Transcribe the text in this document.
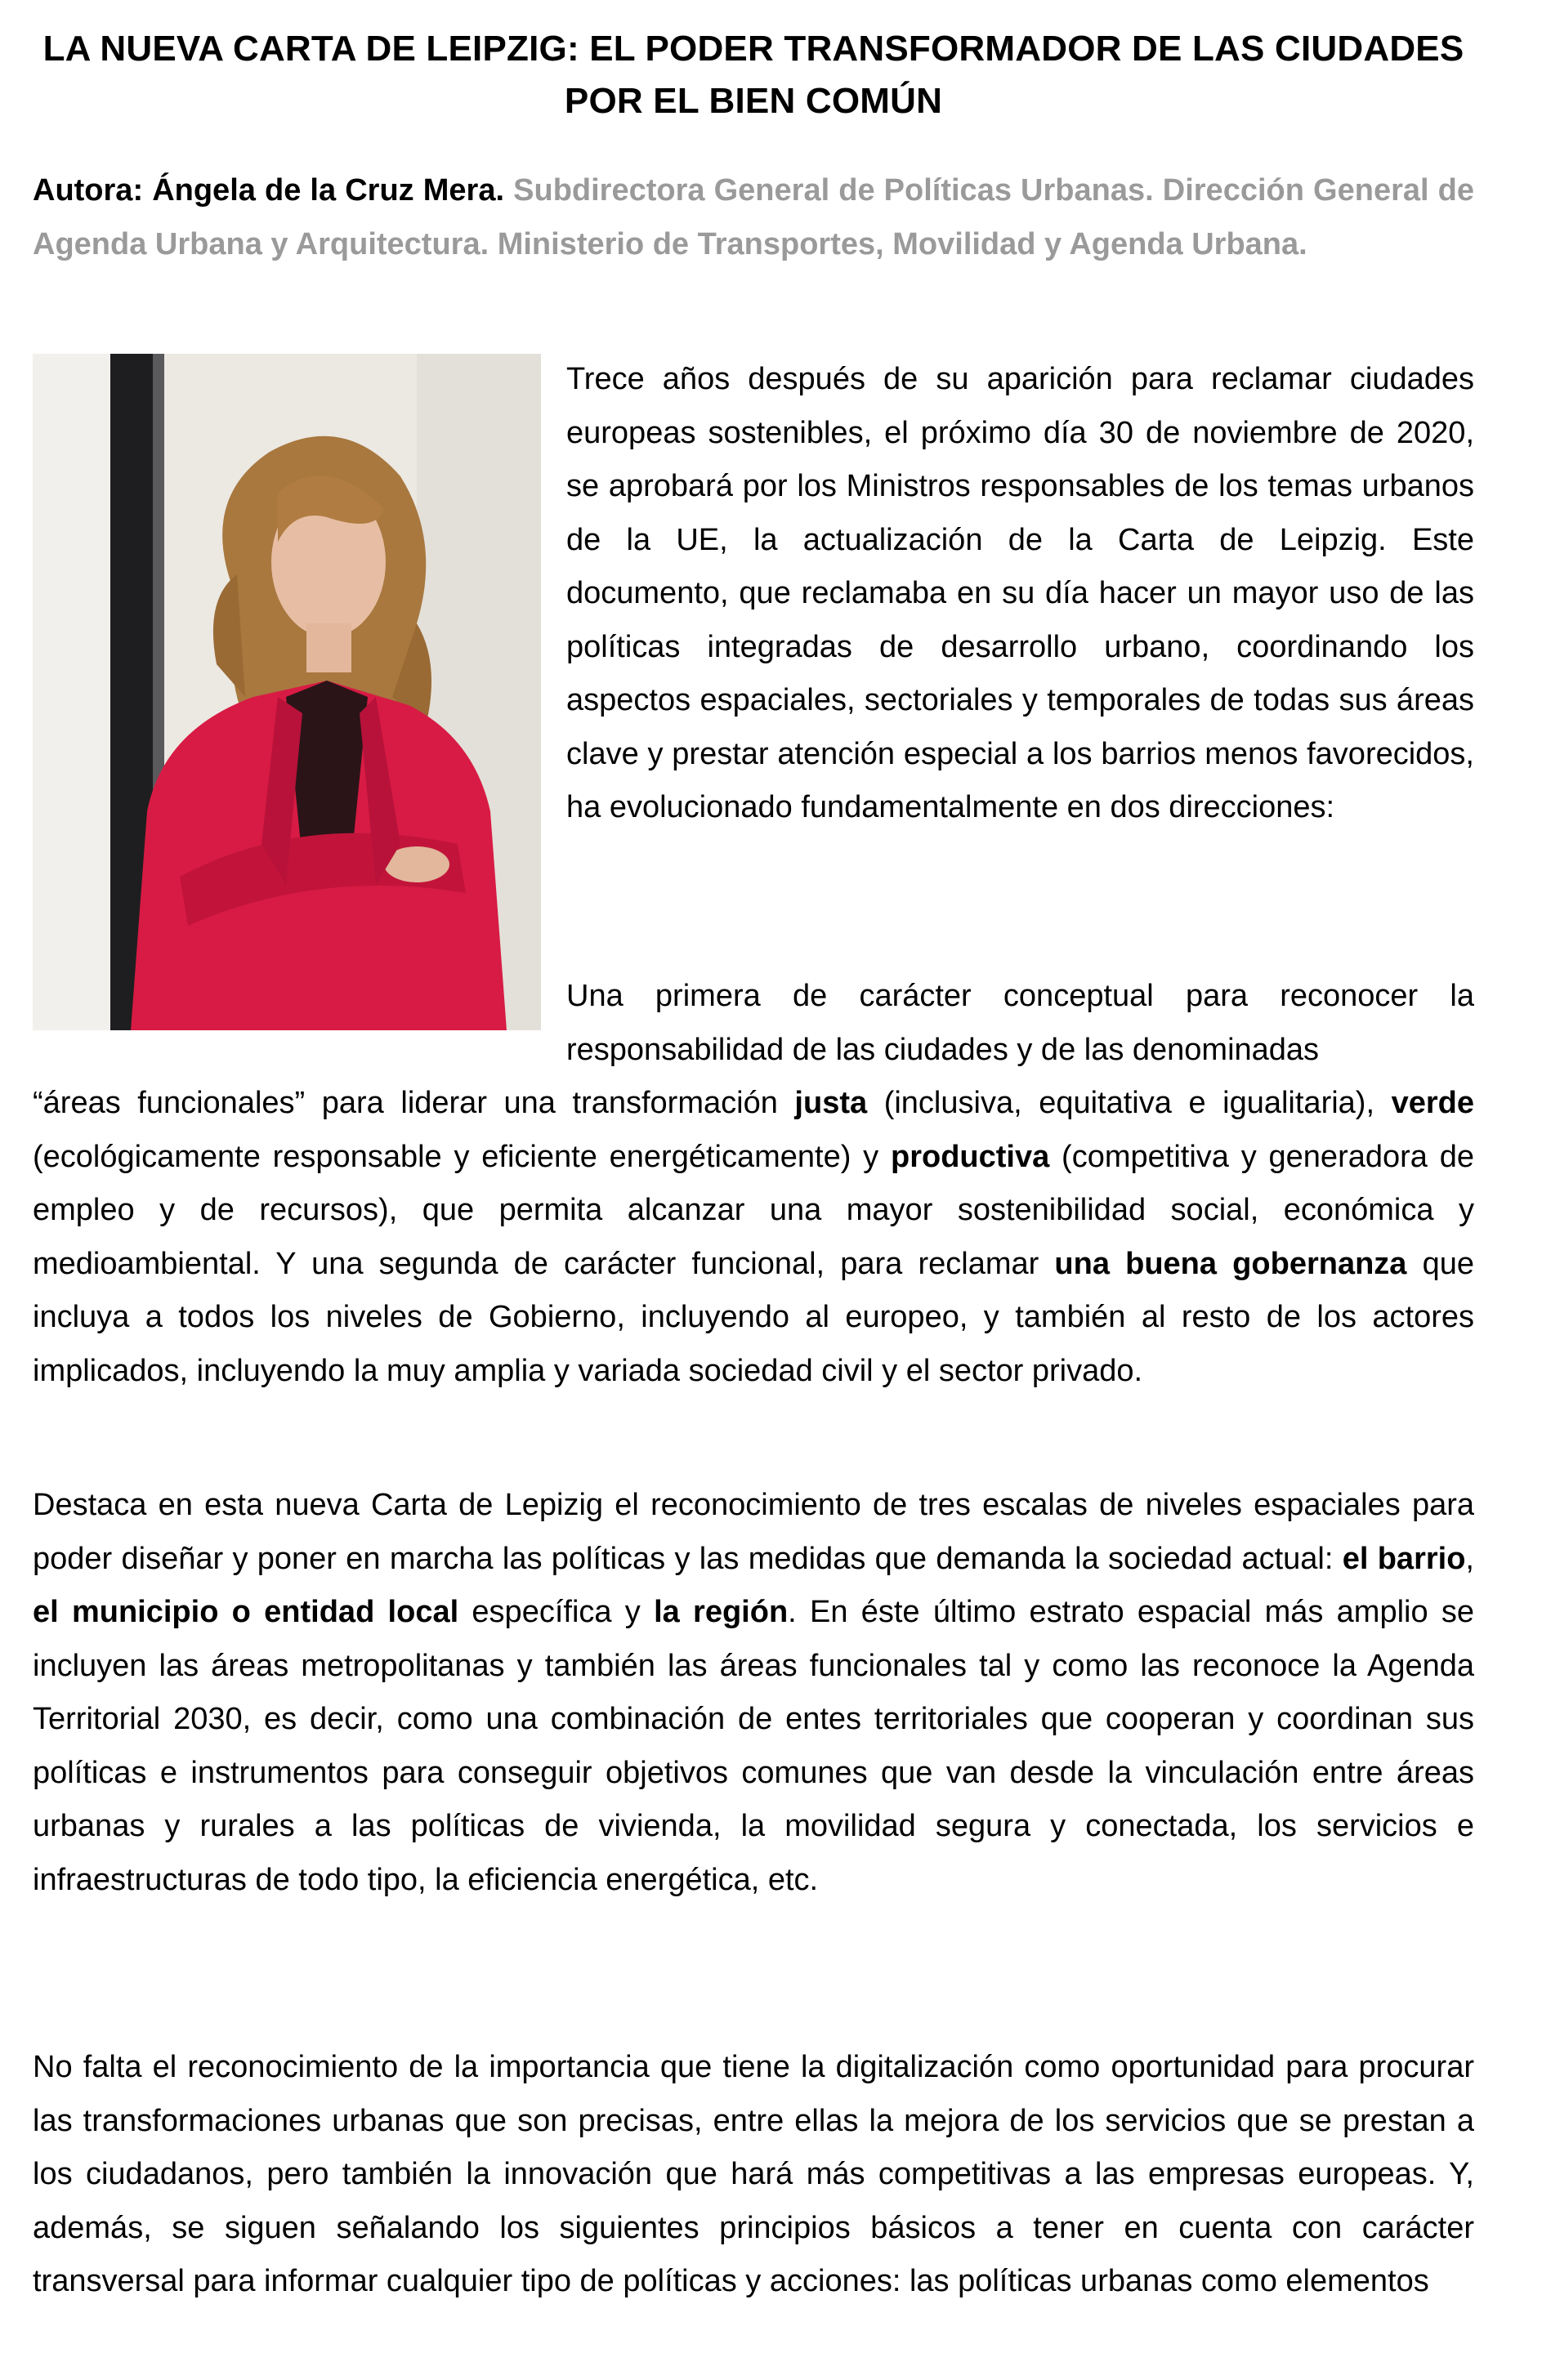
LA NUEVA CARTA DE LEIPZIG: EL PODER TRANSFORMADOR DE LAS CIUDADES POR EL BIEN COMÚN
Autora: Ángela de la Cruz Mera. Subdirectora General de Políticas Urbanas. Dirección General de Agenda Urbana y Arquitectura. Ministerio de Transportes, Movilidad y Agenda Urbana.

Trece años después de su aparición para reclamar ciudades europeas sostenibles, el próximo día 30 de noviembre de 2020, se aprobará por los Ministros responsables de los temas urbanos de la UE, la actualización de la Carta de Leipzig. Este documento, que reclamaba en su día hacer un mayor uso de las políticas integradas de desarrollo urbano, coordinando los aspectos espaciales, sectoriales y temporales de todas sus áreas clave y prestar atención especial a los barrios menos favorecidos, ha evolucionado fundamentalmente en dos direcciones:

Una primera de carácter conceptual para reconocer la responsabilidad de las ciudades y de las denominadas

“áreas funcionales” para liderar una transformación justa (inclusiva, equitativa e igualitaria), verde (ecológicamente responsable y eficiente energéticamente) y productiva (competitiva y generadora de empleo y de recursos), que permita alcanzar una mayor sostenibilidad social, económica y medioambiental. Y una segunda de carácter funcional, para reclamar una buena gobernanza que incluya a todos los niveles de Gobierno, incluyendo al europeo, y también al resto de los actores implicados, incluyendo la muy amplia y variada sociedad civil y el sector privado.

Destaca en esta nueva Carta de Lepizig el reconocimiento de tres escalas de niveles espaciales para poder diseñar y poner en marcha las políticas y las medidas que demanda la sociedad actual: el barrio, el municipio o entidad local específica y la región. En éste último estrato espacial más amplio se incluyen las áreas metropolitanas y también las áreas funcionales tal y como las reconoce la Agenda Territorial 2030, es decir, como una combinación de entes territoriales que cooperan y coordinan sus políticas e instrumentos para conseguir objetivos comunes que van desde la vinculación entre áreas urbanas y rurales a las políticas de vivienda, la movilidad segura y conectada, los servicios e infraestructuras de todo tipo, la eficiencia energética, etc.

No falta el reconocimiento de la importancia que tiene la digitalización como oportunidad para procurar las transformaciones urbanas que son precisas, entre ellas la mejora de los servicios que se prestan a los ciudadanos, pero también la innovación que hará más competitivas a las empresas europeas. Y, además, se siguen señalando los siguientes principios básicos a tener en cuenta con carácter transversal para informar cualquier tipo de políticas y acciones: las políticas urbanas como elementos
